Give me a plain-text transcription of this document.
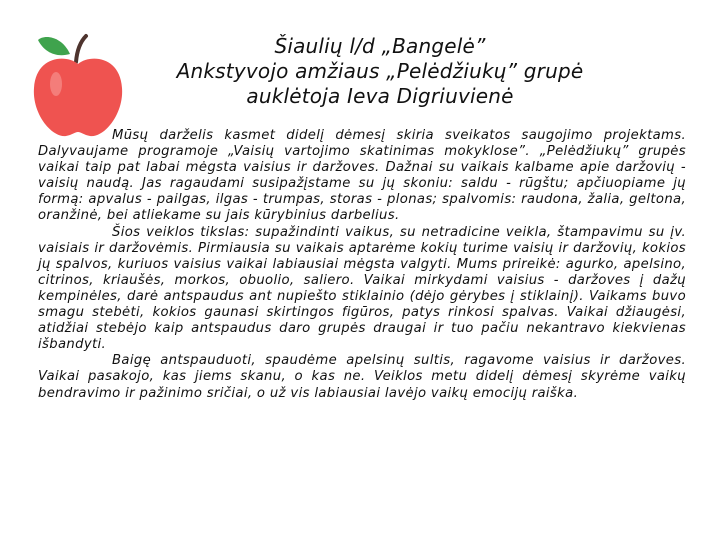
Šiaulių l/d „Bangelė”
Ankstyvojo amžiaus „Pelėdžiukų” grupė
auklėtoja Ieva Digriuvienė

Mūsų darželis kasmet didelį dėmesį skiria sveikatos saugojimo projektams. Dalyvaujame programoje „Vaisių vartojimo skatinimas mokyklose”. „Pelėdžiukų” grupės vaikai taip pat labai mėgsta vaisius ir daržoves. Dažnai su vaikais kalbame apie daržovių - vaisių naudą. Jas ragaudami susipažįstame su jų skoniu: saldu - rūgštu; apčiuopiame jų formą: apvalus - pailgas, ilgas - trumpas, storas - plonas; spalvomis: raudona, žalia, geltona, oranžinė, bei atliekame su jais kūrybinius darbelius.

Šios veiklos tikslas: supažindinti vaikus, su netradicine veikla, štampavimu su įv. vaisiais ir daržovėmis. Pirmiausia su vaikais aptarėme kokių turime vaisių ir daržovių, kokios jų spalvos, kuriuos vaisius vaikai labiausiai mėgsta valgyti. Mums prireikė: agurko, apelsino, citrinos, kriaušės, morkos, obuolio, saliero. Vaikai mirkydami vaisius - daržoves į dažų kempinėles, darė antspaudus ant nupiešto stiklainio (dėjo gėrybes į stiklainį). Vaikams buvo smagu stebėti, kokios gaunasi skirtingos figūros, patys rinkosi spalvas. Vaikai džiaugėsi, atidžiai stebėjo kaip antspaudus daro grupės draugai ir tuo pačiu nekantravo kiekvienas išbandyti.

Baigę antspauduoti, spaudėme apelsinų sultis, ragavome vaisius ir daržoves. Vaikai pasakojo, kas jiems skanu, o kas ne. Veiklos metu didelį dėmesį skyrėme vaikų bendravimo ir pažinimo sričiai, o už vis labiausiai lavėjo vaikų emocijų raiška.
